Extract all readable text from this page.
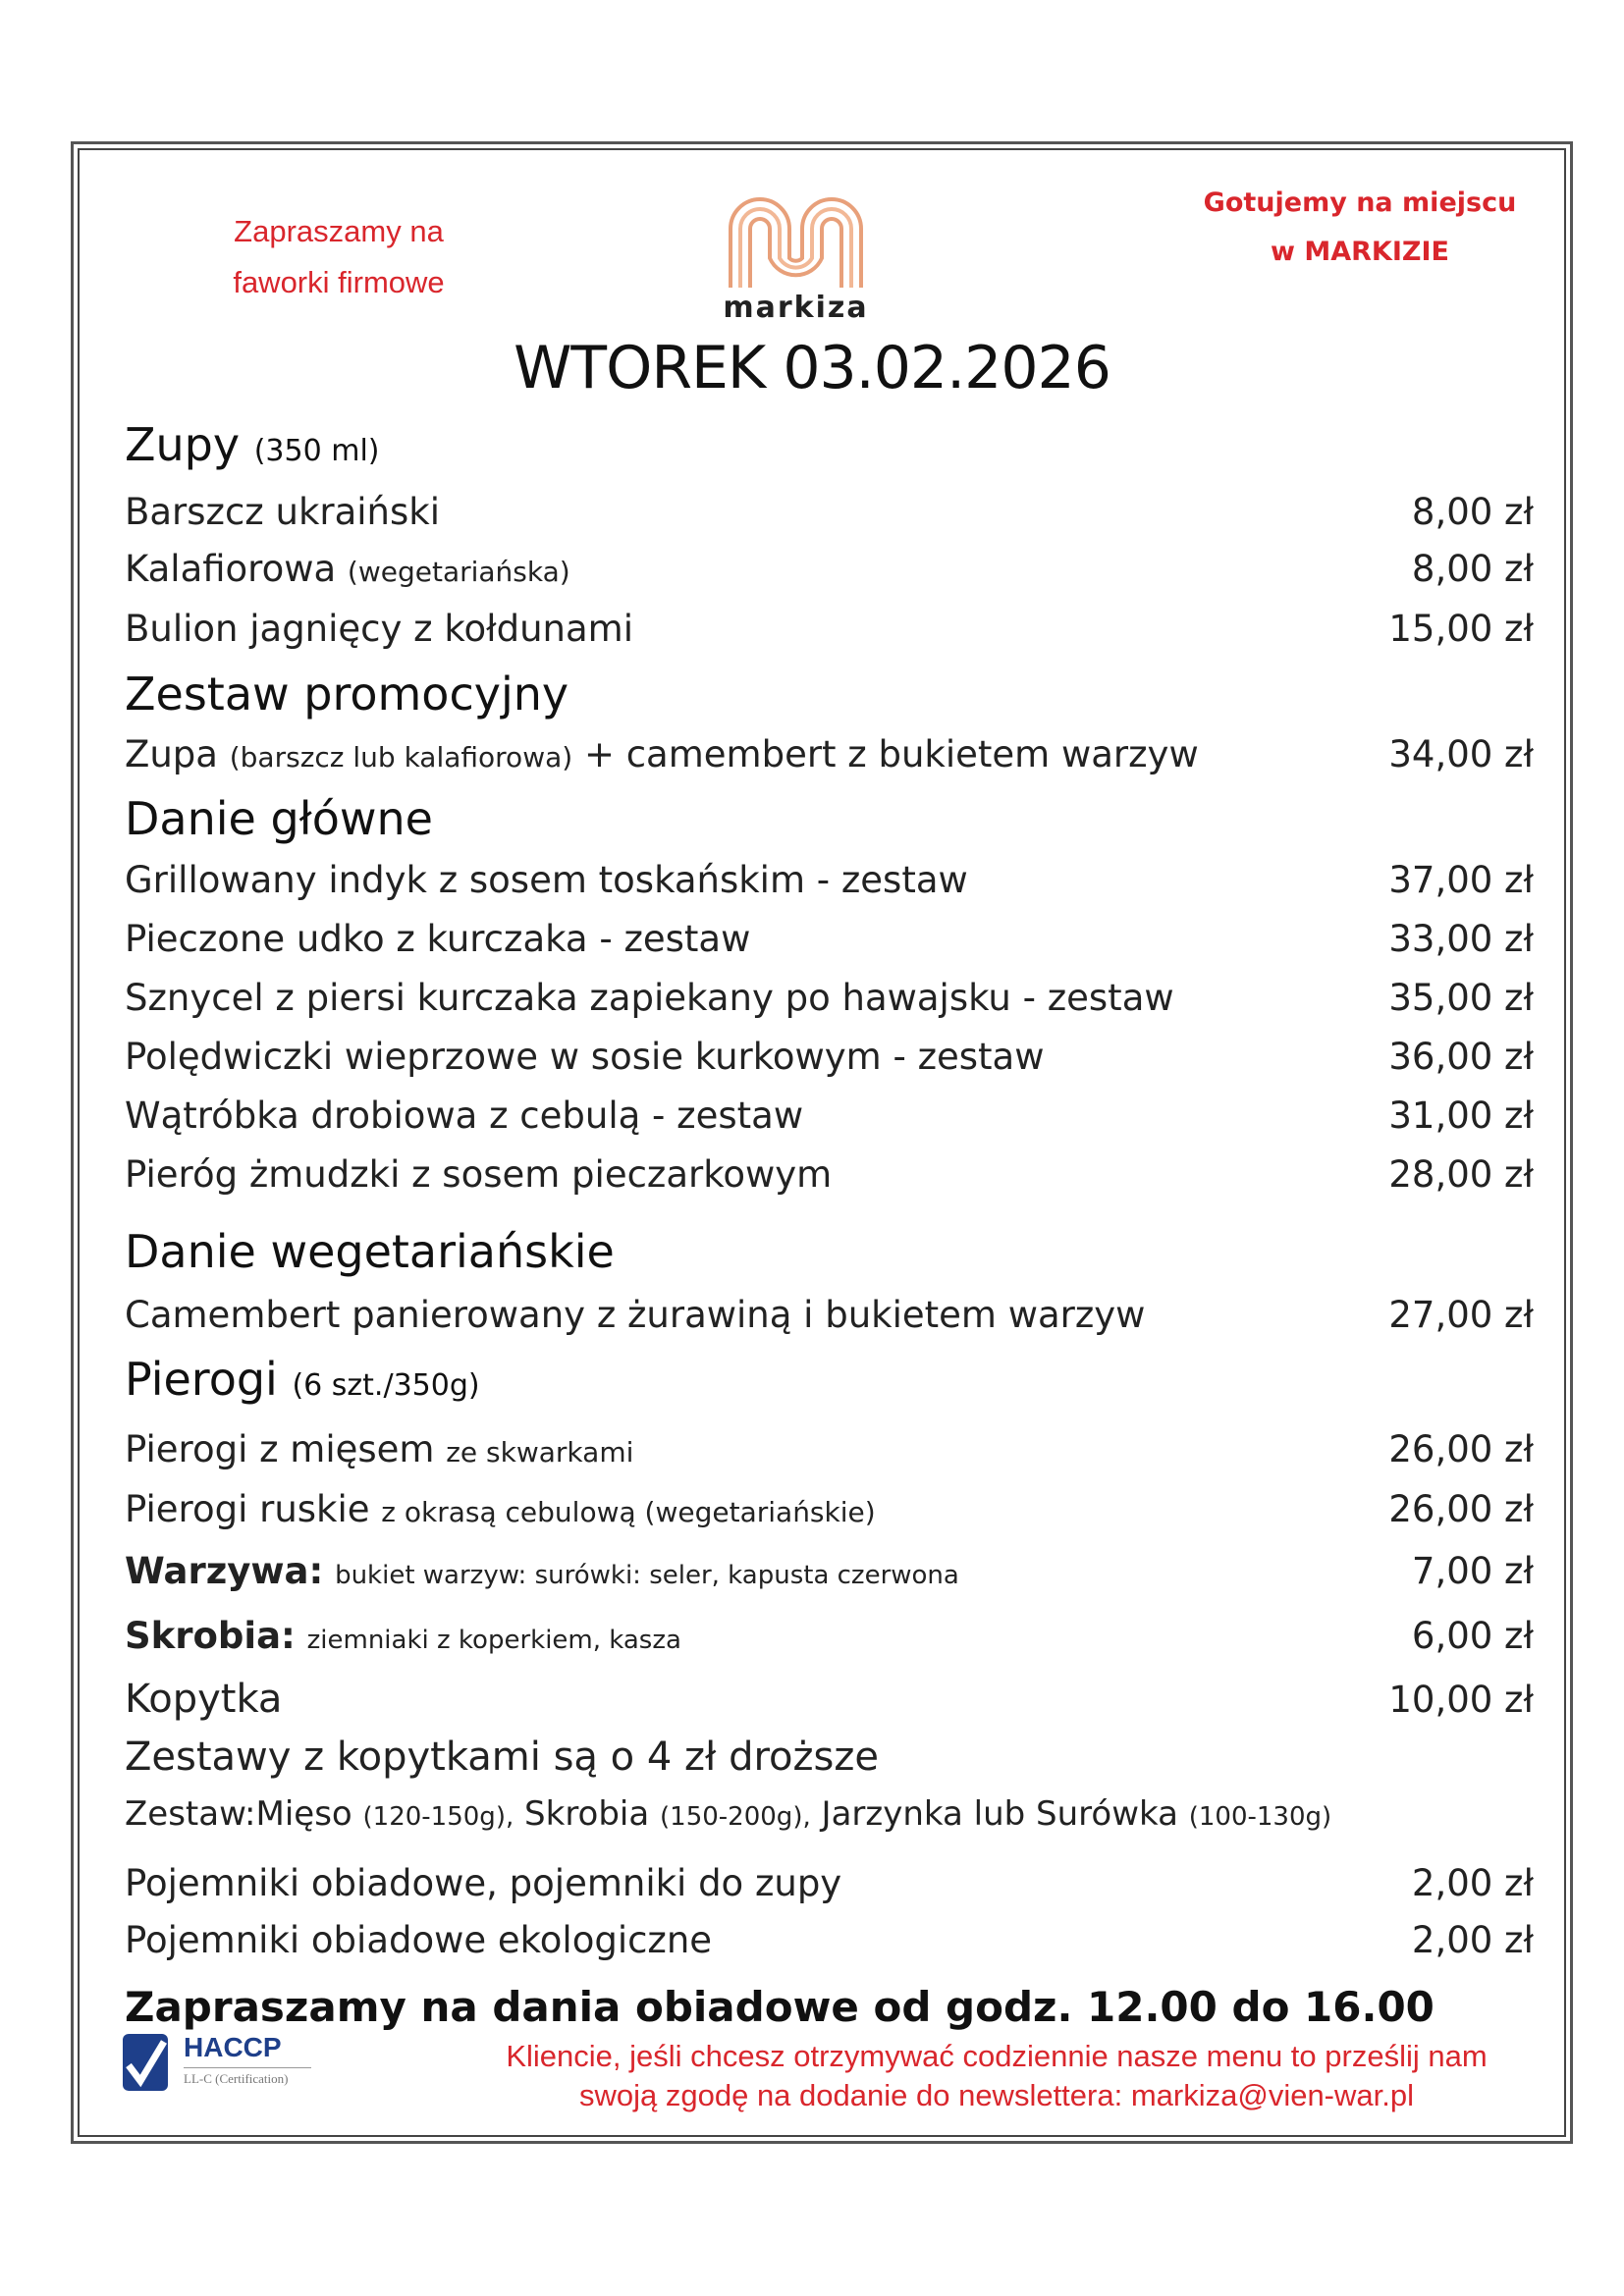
Zapraszamy na
faworki firmowe
markiza
Gotujemy na miejscu
w MARKIZIE
WTOREK 03.02.2026
Zupy (350 ml)
Barszcz ukraiński	8,00 zł
Kalafiorowa (wegetariańska)	8,00 zł
Bulion jagnięcy z kołdunami	15,00 zł
Zestaw promocyjny
Zupa (barszcz lub kalafiorowa) + camembert z bukietem warzyw	34,00 zł
Danie główne
Grillowany indyk z sosem toskańskim - zestaw	37,00 zł
Pieczone udko z kurczaka - zestaw	33,00 zł
Sznycel z piersi kurczaka zapiekany po hawajsku - zestaw	35,00 zł
Polędwiczki wieprzowe w sosie kurkowym - zestaw	36,00 zł
Wątróbka drobiowa z cebulą - zestaw	31,00 zł
Pieróg żmudzki z sosem pieczarkowym	28,00 zł
Danie wegetariańskie
Camembert panierowany z żurawiną i bukietem warzyw	27,00 zł
Pierogi (6 szt./350g)
Pierogi z mięsem ze skwarkami	26,00 zł
Pierogi ruskie z okrasą cebulową (wegetariańskie)	26,00 zł
Warzywa: bukiet warzyw: surówki: seler, kapusta czerwona	7,00 zł
Skrobia: ziemniaki z koperkiem, kasza	6,00 zł
Kopytka	10,00 zł
Zestawy z kopytkami są o 4 zł droższe
Zestaw:Mięso (120-150g), Skrobia (150-200g), Jarzynka lub Surówka (100-130g)
Pojemniki obiadowe, pojemniki do zupy	2,00 zł
Pojemniki obiadowe ekologiczne	2,00 zł
Zapraszamy na dania obiadowe od godz. 12.00 do 16.00
HACCP
LL-C (Certification)
Kliencie, jeśli chcesz otrzymywać codziennie nasze menu to prześlij nam
swoją zgodę na dodanie do newslettera: markiza@vien-war.pl
